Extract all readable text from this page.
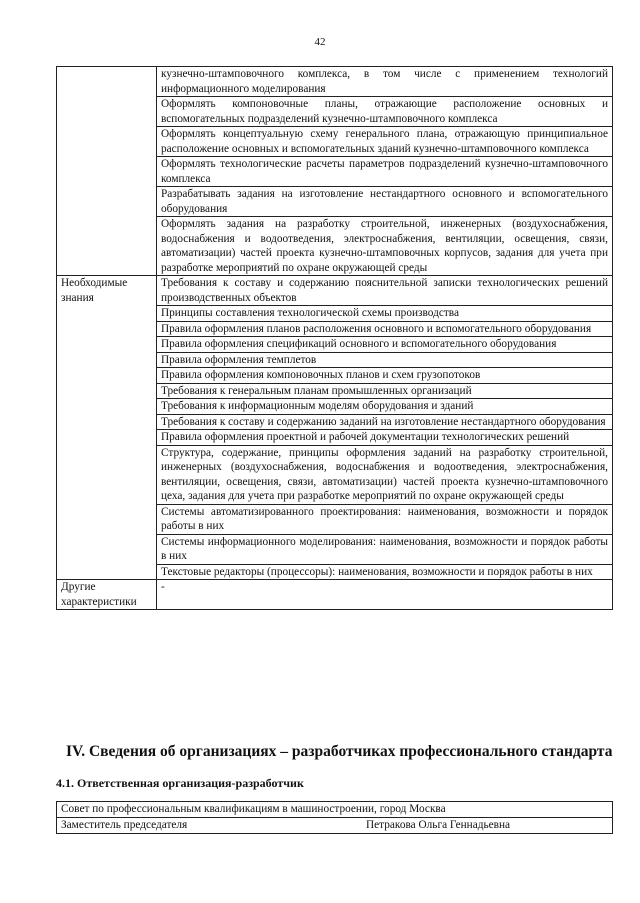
42
	кузнечно-штамповочного комплекса, в том числе с применением технологий информационного моделирования
	Оформлять компоновочные планы, отражающие расположение основных и вспомогательных подразделений кузнечно-штамповочного комплекса
	Оформлять концептуальную схему генерального плана, отражающую принципиальное расположение основных и вспомогательных зданий кузнечно-штамповочного комплекса
	Оформлять технологические расчеты параметров подразделений кузнечно-штамповочного комплекса
	Разрабатывать задания на изготовление нестандартного основного и вспомогательного оборудования
	Оформлять задания на разработку строительной, инженерных (воздухоснабжения, водоснабжения и водоотведения, электроснабжения, вентиляции, освещения, связи, автоматизации) частей проекта кузнечно-штамповочных корпусов, задания для учета при разработке мероприятий по охране окружающей среды
Необходимые знания	Требования к составу и содержанию пояснительной записки технологических решений производственных объектов
	Принципы составления технологической схемы производства
	Правила оформления планов расположения основного и вспомогательного оборудования
	Правила оформления спецификаций основного и вспомогательного оборудования
	Правила оформления темплетов
	Правила оформления компоновочных планов и схем грузопотоков
	Требования к генеральным планам промышленных организаций
	Требования к информационным моделям оборудования и зданий
	Требования к составу и содержанию заданий на изготовление нестандартного оборудования
	Правила оформления проектной и рабочей документации технологических решений
	Структура, содержание, принципы оформления заданий на разработку строительной, инженерных (воздухоснабжения, водоснабжения и водоотведения, электроснабжения, вентиляции, освещения, связи, автоматизации) частей проекта кузнечно-штамповочного цеха, задания для учета при разработке мероприятий по охране окружающей среды
	Системы автоматизированного проектирования: наименования, возможности и порядок работы в них
	Системы информационного моделирования: наименования, возможности и порядок работы в них
	Текстовые редакторы (процессоры): наименования, возможности и порядок работы в них
Другие характеристики	-
IV. Сведения об организациях – разработчиках профессионального стандарта
4.1. Ответственная организация-разработчик
Совет по профессиональным квалификациям в машиностроении, город Москва
Заместитель председателя	Петракова Ольга Геннадьевна
